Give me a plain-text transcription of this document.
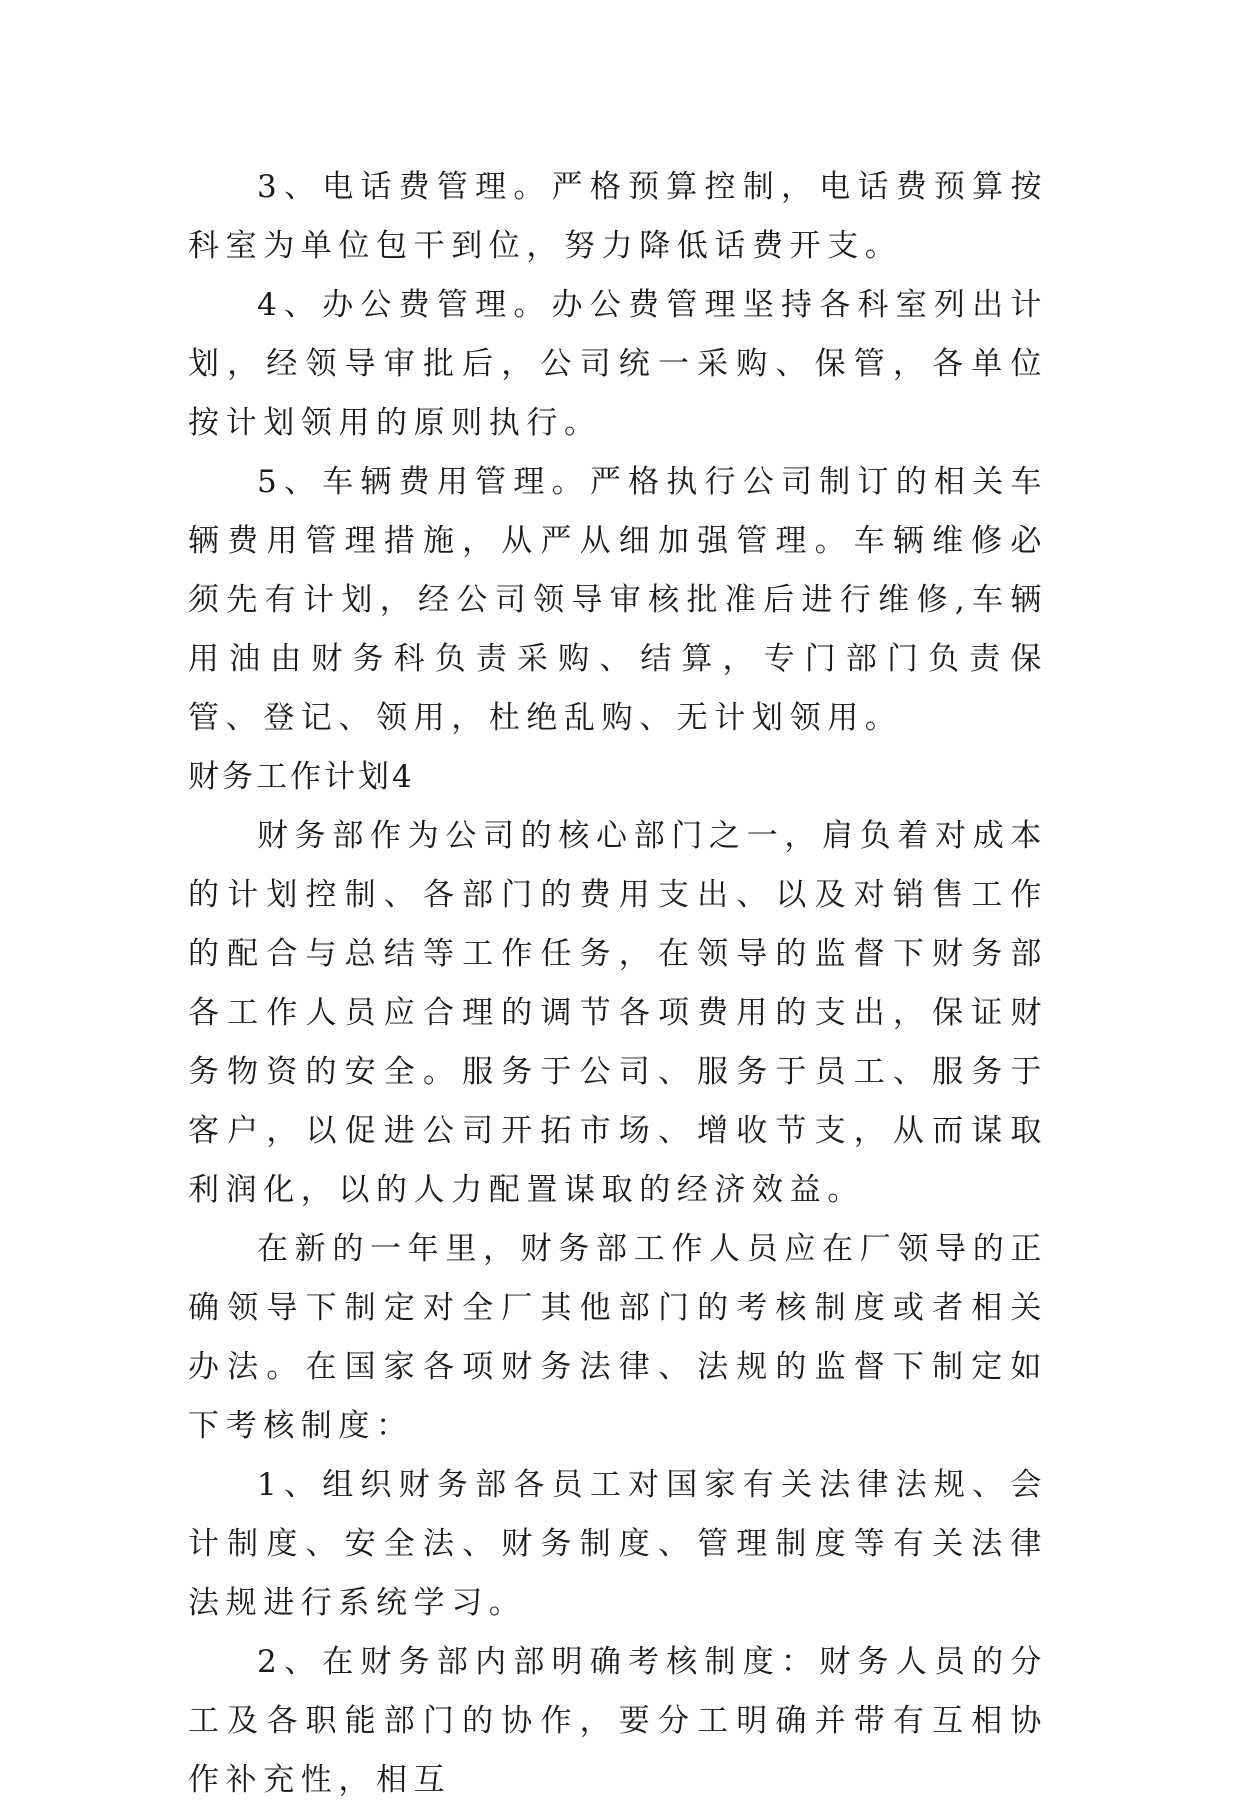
3、电话费管理。严格预算控制，电话费预算按科室为单位包干到位，努力降低话费开支。

4、办公费管理。办公费管理坚持各科室列出计划，经领导审批后，公司统一采购、保管，各单位按计划领用的原则执行。

5、车辆费用管理。严格执行公司制订的相关车辆费用管理措施，从严从细加强管理。车辆维修必须先有计划，经公司领导审核批准后进行维修,车辆用油由财务科负责采购、结算，专门部门负责保管、登记、领用，杜绝乱购、无计划领用。

财务工作计划4

财务部作为公司的核心部门之一，肩负着对成本的计划控制、各部门的费用支出、以及对销售工作的配合与总结等工作任务，在领导的监督下财务部各工作人员应合理的调节各项费用的支出，保证财务物资的安全。服务于公司、服务于员工、服务于客户，以促进公司开拓市场、增收节支，从而谋取利润化，以的人力配置谋取的经济效益。

在新的一年里，财务部工作人员应在厂领导的正确领导下制定对全厂其他部门的考核制度或者相关办法。在国家各项财务法律、法规的监督下制定如下考核制度：

1、组织财务部各员工对国家有关法律法规、会计制度、安全法、财务制度、管理制度等有关法律法规进行系统学习。

2、在财务部内部明确考核制度：财务人员的分工及各职能部门的协作，要分工明确并带有互相协作补充性，相互
